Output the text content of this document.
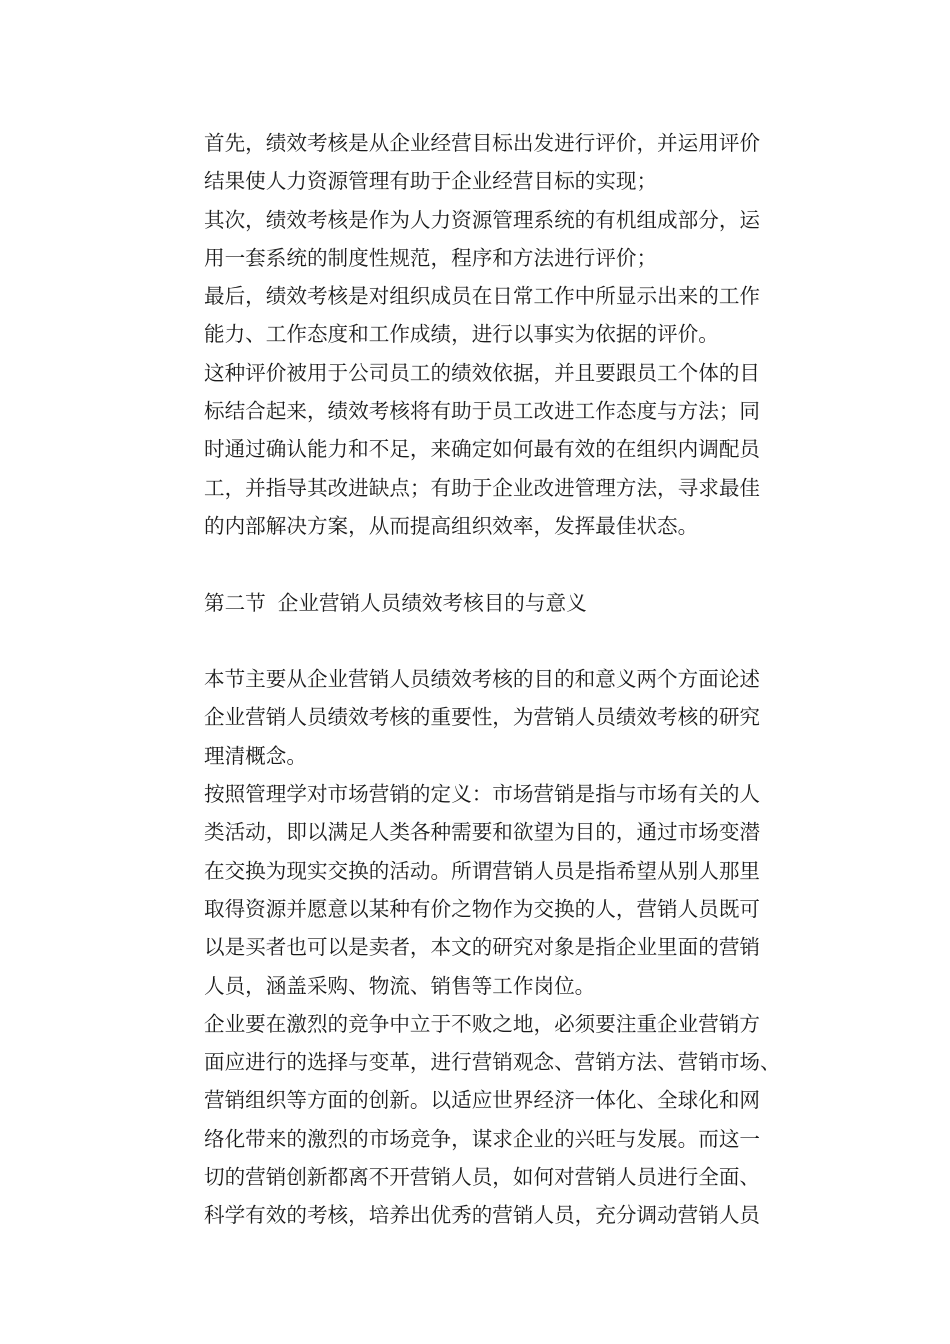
首先，绩效考核是从企业经营目标出发进行评价，并运用评价
结果使人力资源管理有助于企业经营目标的实现；
其次，绩效考核是作为人力资源管理系统的有机组成部分，运
用一套系统的制度性规范，程序和方法进行评价；
最后，绩效考核是对组织成员在日常工作中所显示出来的工作
能力、工作态度和工作成绩，进行以事实为依据的评价。
这种评价被用于公司员工的绩效依据，并且要跟员工个体的目
标结合起来，绩效考核将有助于员工改进工作态度与方法；同
时通过确认能力和不足，来确定如何最有效的在组织内调配员
工，并指导其改进缺点；有助于企业改进管理方法，寻求最佳
的内部解决方案，从而提高组织效率，发挥最佳状态。
第二节 企业营销人员绩效考核目的与意义
本节主要从企业营销人员绩效考核的目的和意义两个方面论述
企业营销人员绩效考核的重要性，为营销人员绩效考核的研究
理清概念。
按照管理学对市场营销的定义：市场营销是指与市场有关的人
类活动，即以满足人类各种需要和欲望为目的，通过市场变潜
在交换为现实交换的活动。所谓营销人员是指希望从别人那里
取得资源并愿意以某种有价之物作为交换的人，营销人员既可
以是买者也可以是卖者，本文的研究对象是指企业里面的营销
人员，涵盖采购、物流、销售等工作岗位。
企业要在激烈的竞争中立于不败之地，必须要注重企业营销方
面应进行的选择与变革，进行营销观念、营销方法、营销市场、
营销组织等方面的创新。以适应世界经济一体化、全球化和网
络化带来的激烈的市场竞争，谋求企业的兴旺与发展。而这一
切的营销创新都离不开营销人员，如何对营销人员进行全面、
科学有效的考核，培养出优秀的营销人员，充分调动营销人员
